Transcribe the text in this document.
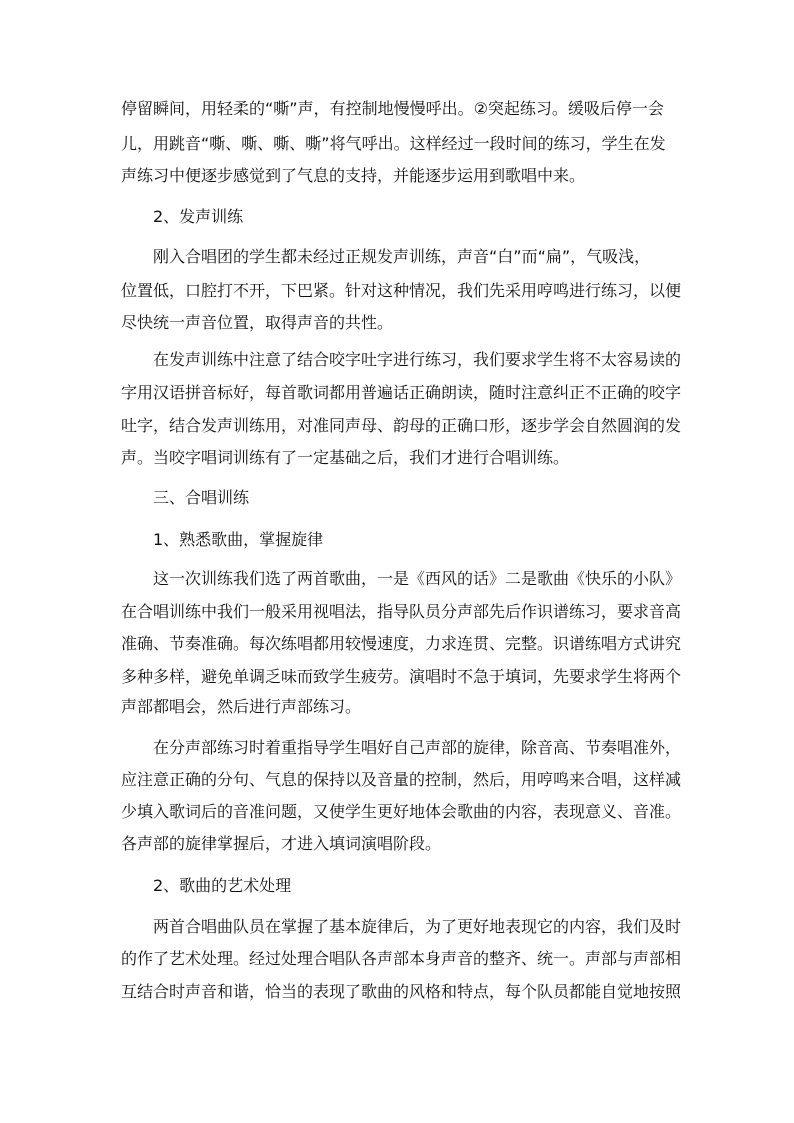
停留瞬间，用轻柔的“嘶”声，有控制地慢慢呼出。②突起练习。缓吸后停一会
儿，用跳音“嘶、嘶、嘶、嘶”将气呼出。这样经过一段时间的练习，学生在发
声练习中便逐步感觉到了气息的支持，并能逐步运用到歌唱中来。
2、发声训练
刚入合唱团的学生都未经过正规发声训练，声音“白”而“扁”，气吸浅，
位置低，口腔打不开，下巴紧。针对这种情况，我们先采用哼鸣进行练习，以便
尽快统一声音位置，取得声音的共性。
在发声训练中注意了结合咬字吐字进行练习，我们要求学生将不太容易读的
字用汉语拼音标好，每首歌词都用普遍话正确朗读，随时注意纠正不正确的咬字
吐字，结合发声训练用，对准同声母、韵母的正确口形，逐步学会自然圆润的发
声。当咬字唱词训练有了一定基础之后，我们才进行合唱训练。
三、合唱训练
1、熟悉歌曲，掌握旋律
这一次训练我们选了两首歌曲，一是《西风的话》二是歌曲《快乐的小队》
在合唱训练中我们一般采用视唱法，指导队员分声部先后作识谱练习，要求音高
准确、节奏准确。每次练唱都用较慢速度，力求连贯、完整。识谱练唱方式讲究
多种多样，避免单调乏味而致学生疲劳。演唱时不急于填词，先要求学生将两个
声部都唱会，然后进行声部练习。
在分声部练习时着重指导学生唱好自己声部的旋律，除音高、节奏唱准外，
应注意正确的分句、气息的保持以及音量的控制，然后，用哼鸣来合唱，这样减
少填入歌词后的音准问题，又使学生更好地体会歌曲的内容，表现意义、音准。
各声部的旋律掌握后，才进入填词演唱阶段。
2、歌曲的艺术处理
两首合唱曲队员在掌握了基本旋律后，为了更好地表现它的内容，我们及时
的作了艺术处理。经过处理合唱队各声部本身声音的整齐、统一。声部与声部相
互结合时声音和谐，恰当的表现了歌曲的风格和特点，每个队员都能自觉地按照
